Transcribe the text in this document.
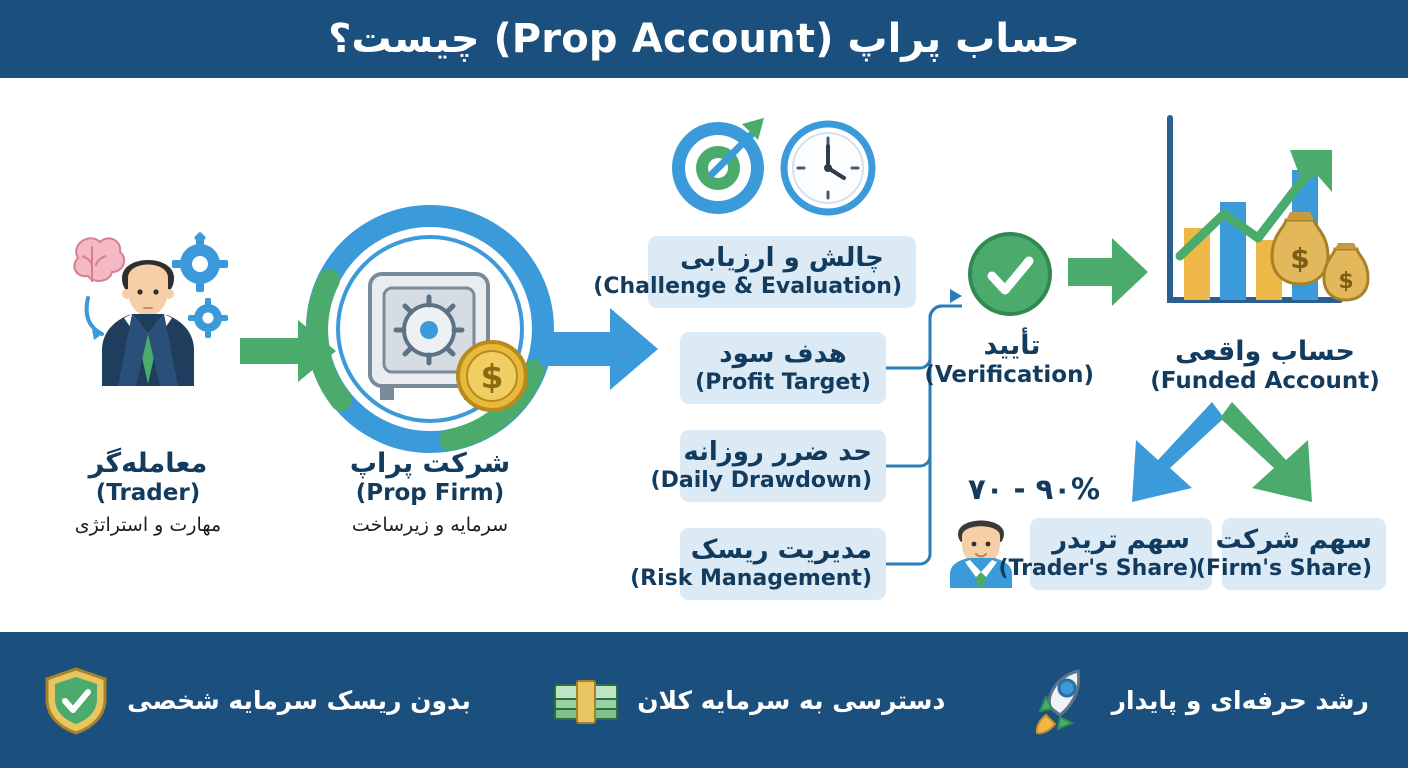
حساب پراپ (Prop Account) چیست؟
معامله‌گر
(Trader)
مهارت و استراتژی
$
شرکت پراپ
(Prop Firm)
سرمایه و زیرساخت
چالش و ارزیابی
(Challenge & Evaluation)
هدف سود
(Profit Target)
حد ضرر روزانه
(Daily Drawdown)
مدیریت ریسک
(Risk Management)
تأیید
(Verification)
$
$
حساب واقعی
(Funded Account)
٩٠ - ٧٠%
سهم تریدر
(Trader's Share)
سهم شرکت
(Firm's Share)
رشد حرفه‌ای و پایدار
دسترسی به سرمایه کلان
بدون ریسک سرمایه شخصی
